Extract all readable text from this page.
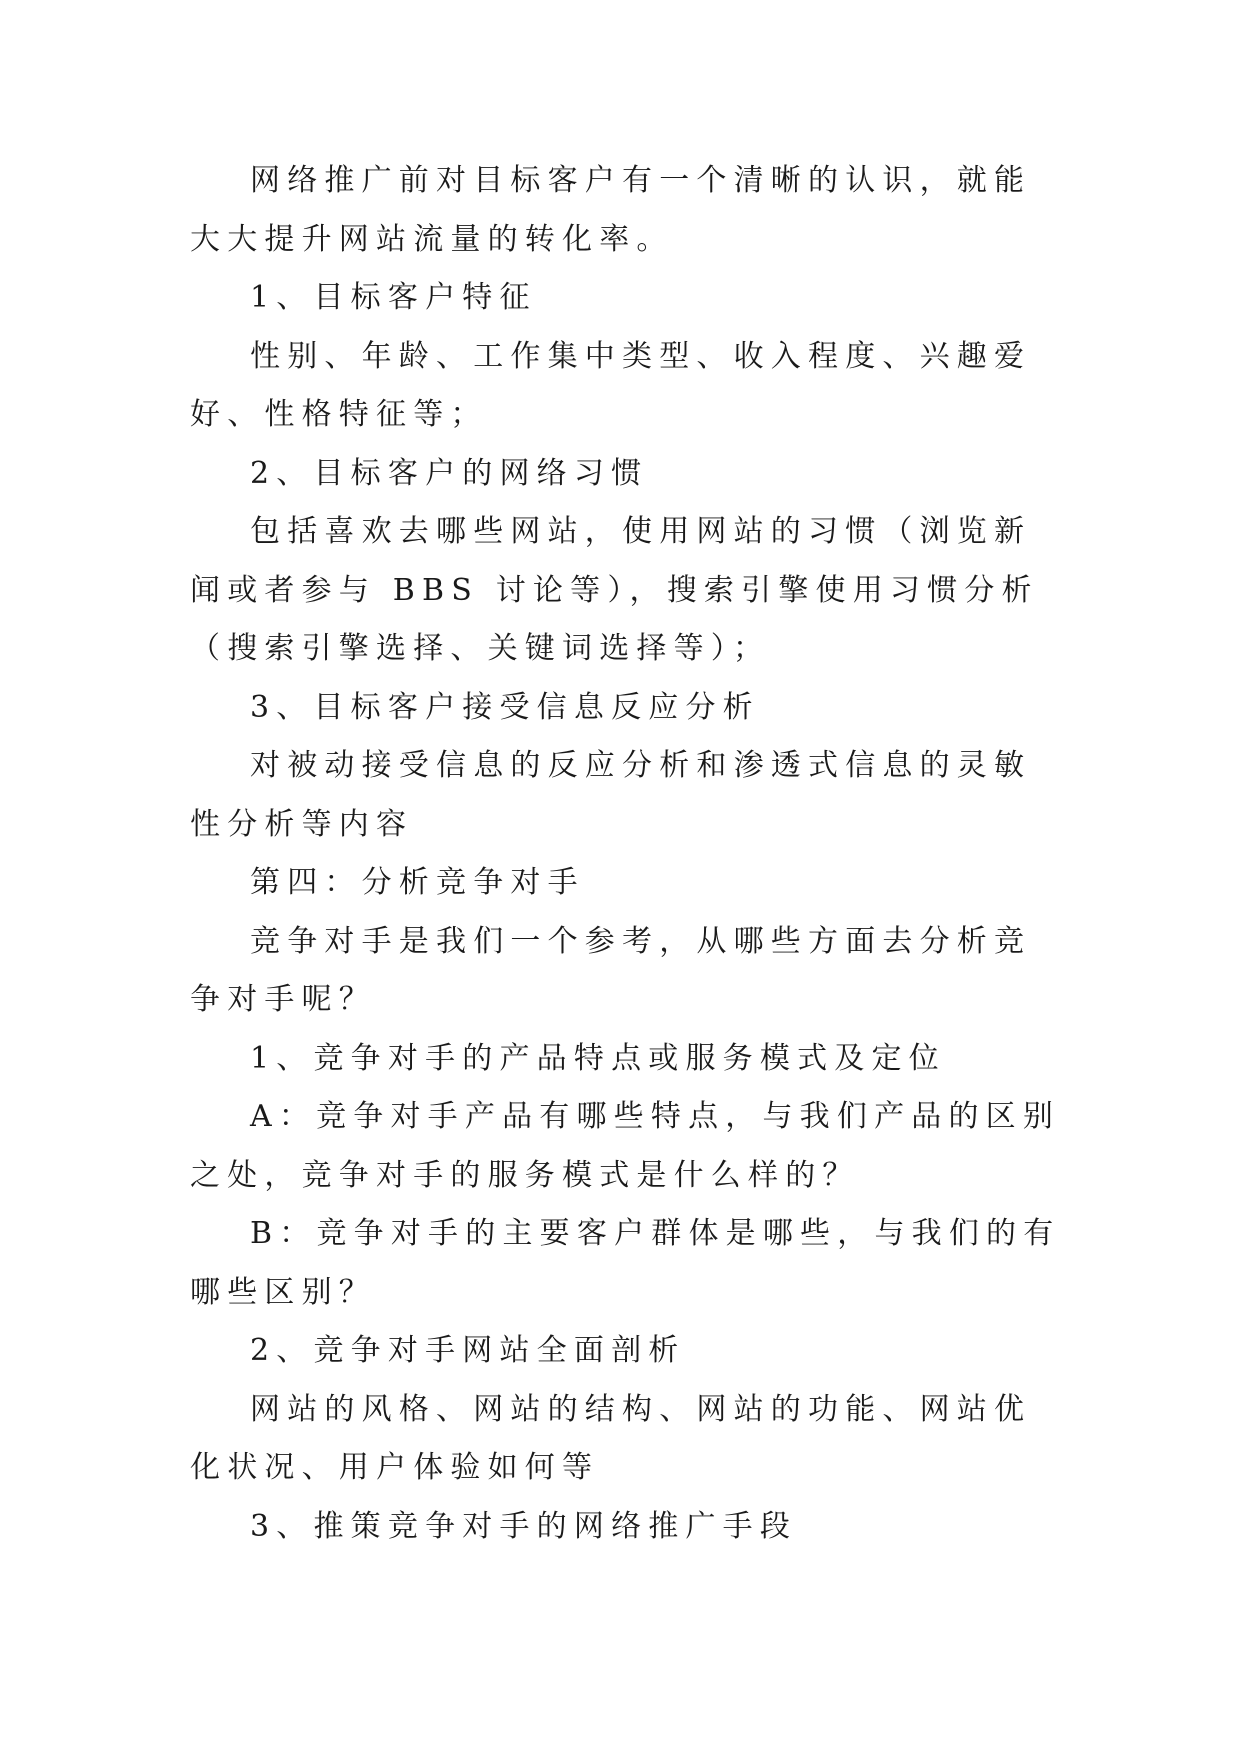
网络推广前对目标客户有一个清晰的认识，就能大大提升网站流量的转化率。

1、目标客户特征

性别、年龄、工作集中类型、收入程度、兴趣爱好、性格特征等；

2、目标客户的网络习惯

包括喜欢去哪些网站，使用网站的习惯（浏览新闻或者参与 BBS 讨论等），搜索引擎使用习惯分析（搜索引擎选择、关键词选择等）；

3、目标客户接受信息反应分析

对被动接受信息的反应分析和渗透式信息的灵敏性分析等内容

第四：分析竞争对手

竞争对手是我们一个参考，从哪些方面去分析竞争对手呢？

1、竞争对手的产品特点或服务模式及定位

A：竞争对手产品有哪些特点，与我们产品的区别之处，竞争对手的服务模式是什么样的？

B：竞争对手的主要客户群体是哪些，与我们的有哪些区别？

2、竞争对手网站全面剖析

网站的风格、网站的结构、网站的功能、网站优化状况、用户体验如何等

3、推策竞争对手的网络推广手段
